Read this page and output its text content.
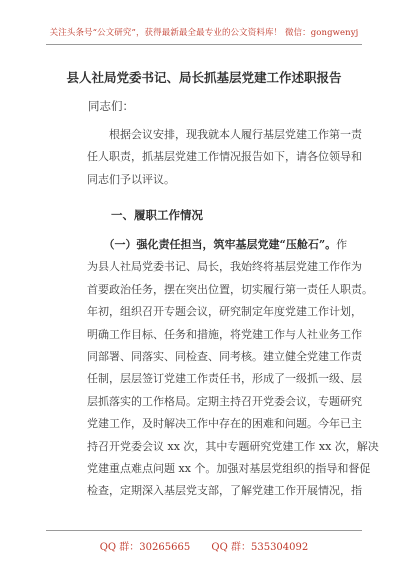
关注头条号“公文研究”，获得最新最全最专业的公文资料库！ 微信：gongwenyj
县人社局党委书记、局长抓基层党建工作述职报告
同志们：
　　根据会议安排，现我就本人履行基层党建工作第一责
任人职责，抓基层党建工作情况报告如下，请各位领导和
同志们予以评议。
一、履职工作情况
　　（一）强化责任担当，筑牢基层党建“压舱石”。作
为县人社局党委书记、局长，我始终将基层党建工作作为
首要政治任务，摆在突出位置，切实履行第一责任人职责。
年初，组织召开专题会议，研究制定年度党建工作计划，
明确工作目标、任务和措施，将党建工作与人社业务工作
同部署、同落实、同检查、同考核。建立健全党建工作责
任制，层层签订党建工作责任书，形成了一级抓一级、层
层抓落实的工作格局。定期主持召开党委会议，专题研究
党建工作，及时解决工作中存在的困难和问题。今年已主
持召开党委会议 xx 次，其中专题研究党建工作 xx 次，解决
党建重点难点问题 xx 个。加强对基层党组织的指导和督促
检查，定期深入基层党支部，了解党建工作开展情况，指
QQ 群：30265665 QQ 群：535304092
